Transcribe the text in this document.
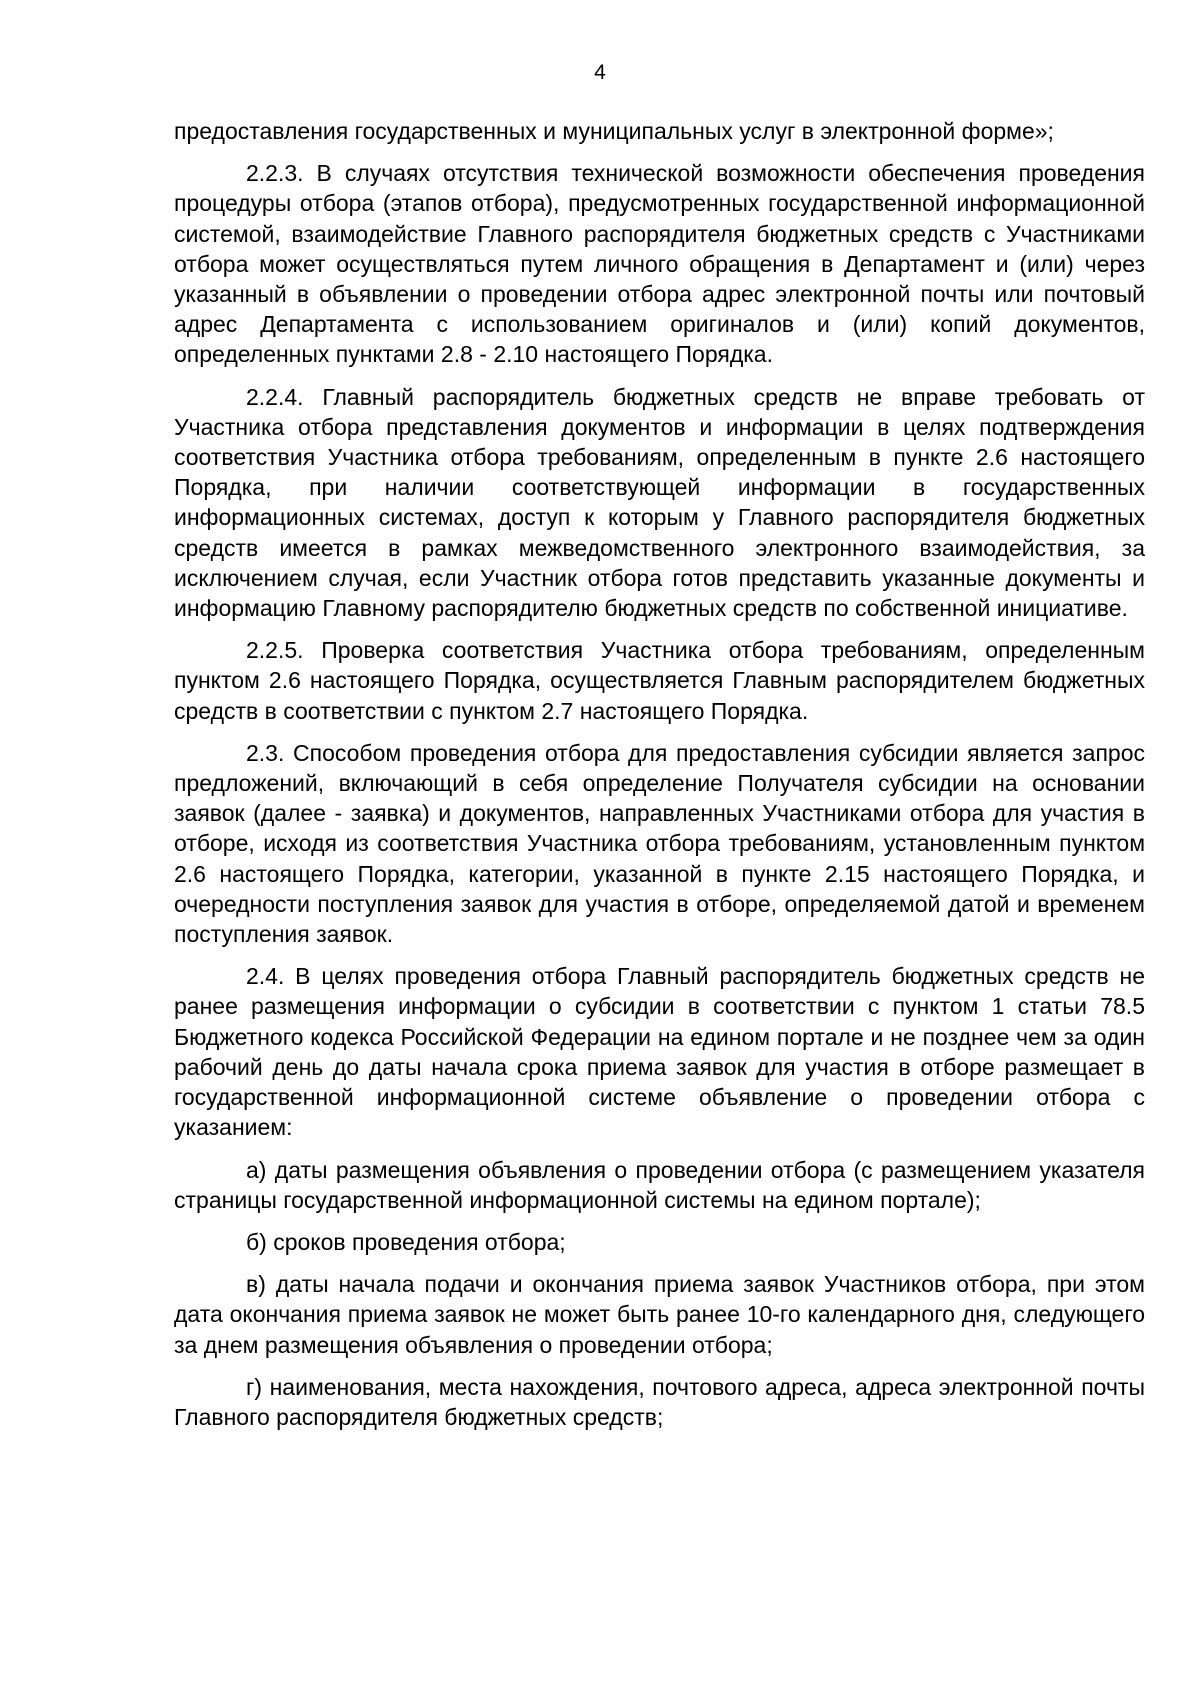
4

предоставления государственных и муниципальных услуг в электронной форме»;

2.2.3. В случаях отсутствия технической возможности обеспечения проведения процедуры отбора (этапов отбора), предусмотренных государственной информационной системой, взаимодействие Главного распорядителя бюджетных средств с Участниками отбора может осуществляться путем личного обращения в Департамент и (или) через указанный в объявлении о проведении отбора адрес электронной почты или почтовый адрес Департамента с использованием оригиналов и (или) копий документов, определенных пунктами 2.8 - 2.10 настоящего Порядка.

2.2.4. Главный распорядитель бюджетных средств не вправе требовать от Участника отбора представления документов и информации в целях подтверждения соответствия Участника отбора требованиям, определенным в пункте 2.6 настоящего Порядка, при наличии соответствующей информации в государственных информационных системах, доступ к которым у Главного распорядителя бюджетных средств имеется в рамках межведомственного электронного взаимодействия, за исключением случая, если Участник отбора готов представить указанные документы и информацию Главному распорядителю бюджетных средств по собственной инициативе.

2.2.5. Проверка соответствия Участника отбора требованиям, определенным пунктом 2.6 настоящего Порядка, осуществляется Главным распорядителем бюджетных средств в соответствии с пунктом 2.7 настоящего Порядка.

2.3. Способом проведения отбора для предоставления субсидии является запрос предложений, включающий в себя определение Получателя субсидии на основании заявок (далее - заявка) и документов, направленных Участниками отбора для участия в отборе, исходя из соответствия Участника отбора требованиям, установленным пунктом 2.6 настоящего Порядка, категории, указанной в пункте 2.15 настоящего Порядка, и очередности поступления заявок для участия в отборе, определяемой датой и временем поступления заявок.

2.4. В целях проведения отбора Главный распорядитель бюджетных средств не ранее размещения информации о субсидии в соответствии с пунктом 1 статьи 78.5 Бюджетного кодекса Российской Федерации на едином портале и не позднее чем за один рабочий день до даты начала срока приема заявок для участия в отборе размещает в государственной информационной системе объявление о проведении отбора с указанием:

а) даты размещения объявления о проведении отбора (с размещением указателя страницы государственной информационной системы на едином портале);

б) сроков проведения отбора;

в) даты начала подачи и окончания приема заявок Участников отбора, при этом дата окончания приема заявок не может быть ранее 10-го календарного дня, следующего за днем размещения объявления о проведении отбора;

г) наименования, места нахождения, почтового адреса, адреса электронной почты Главного распорядителя бюджетных средств;
